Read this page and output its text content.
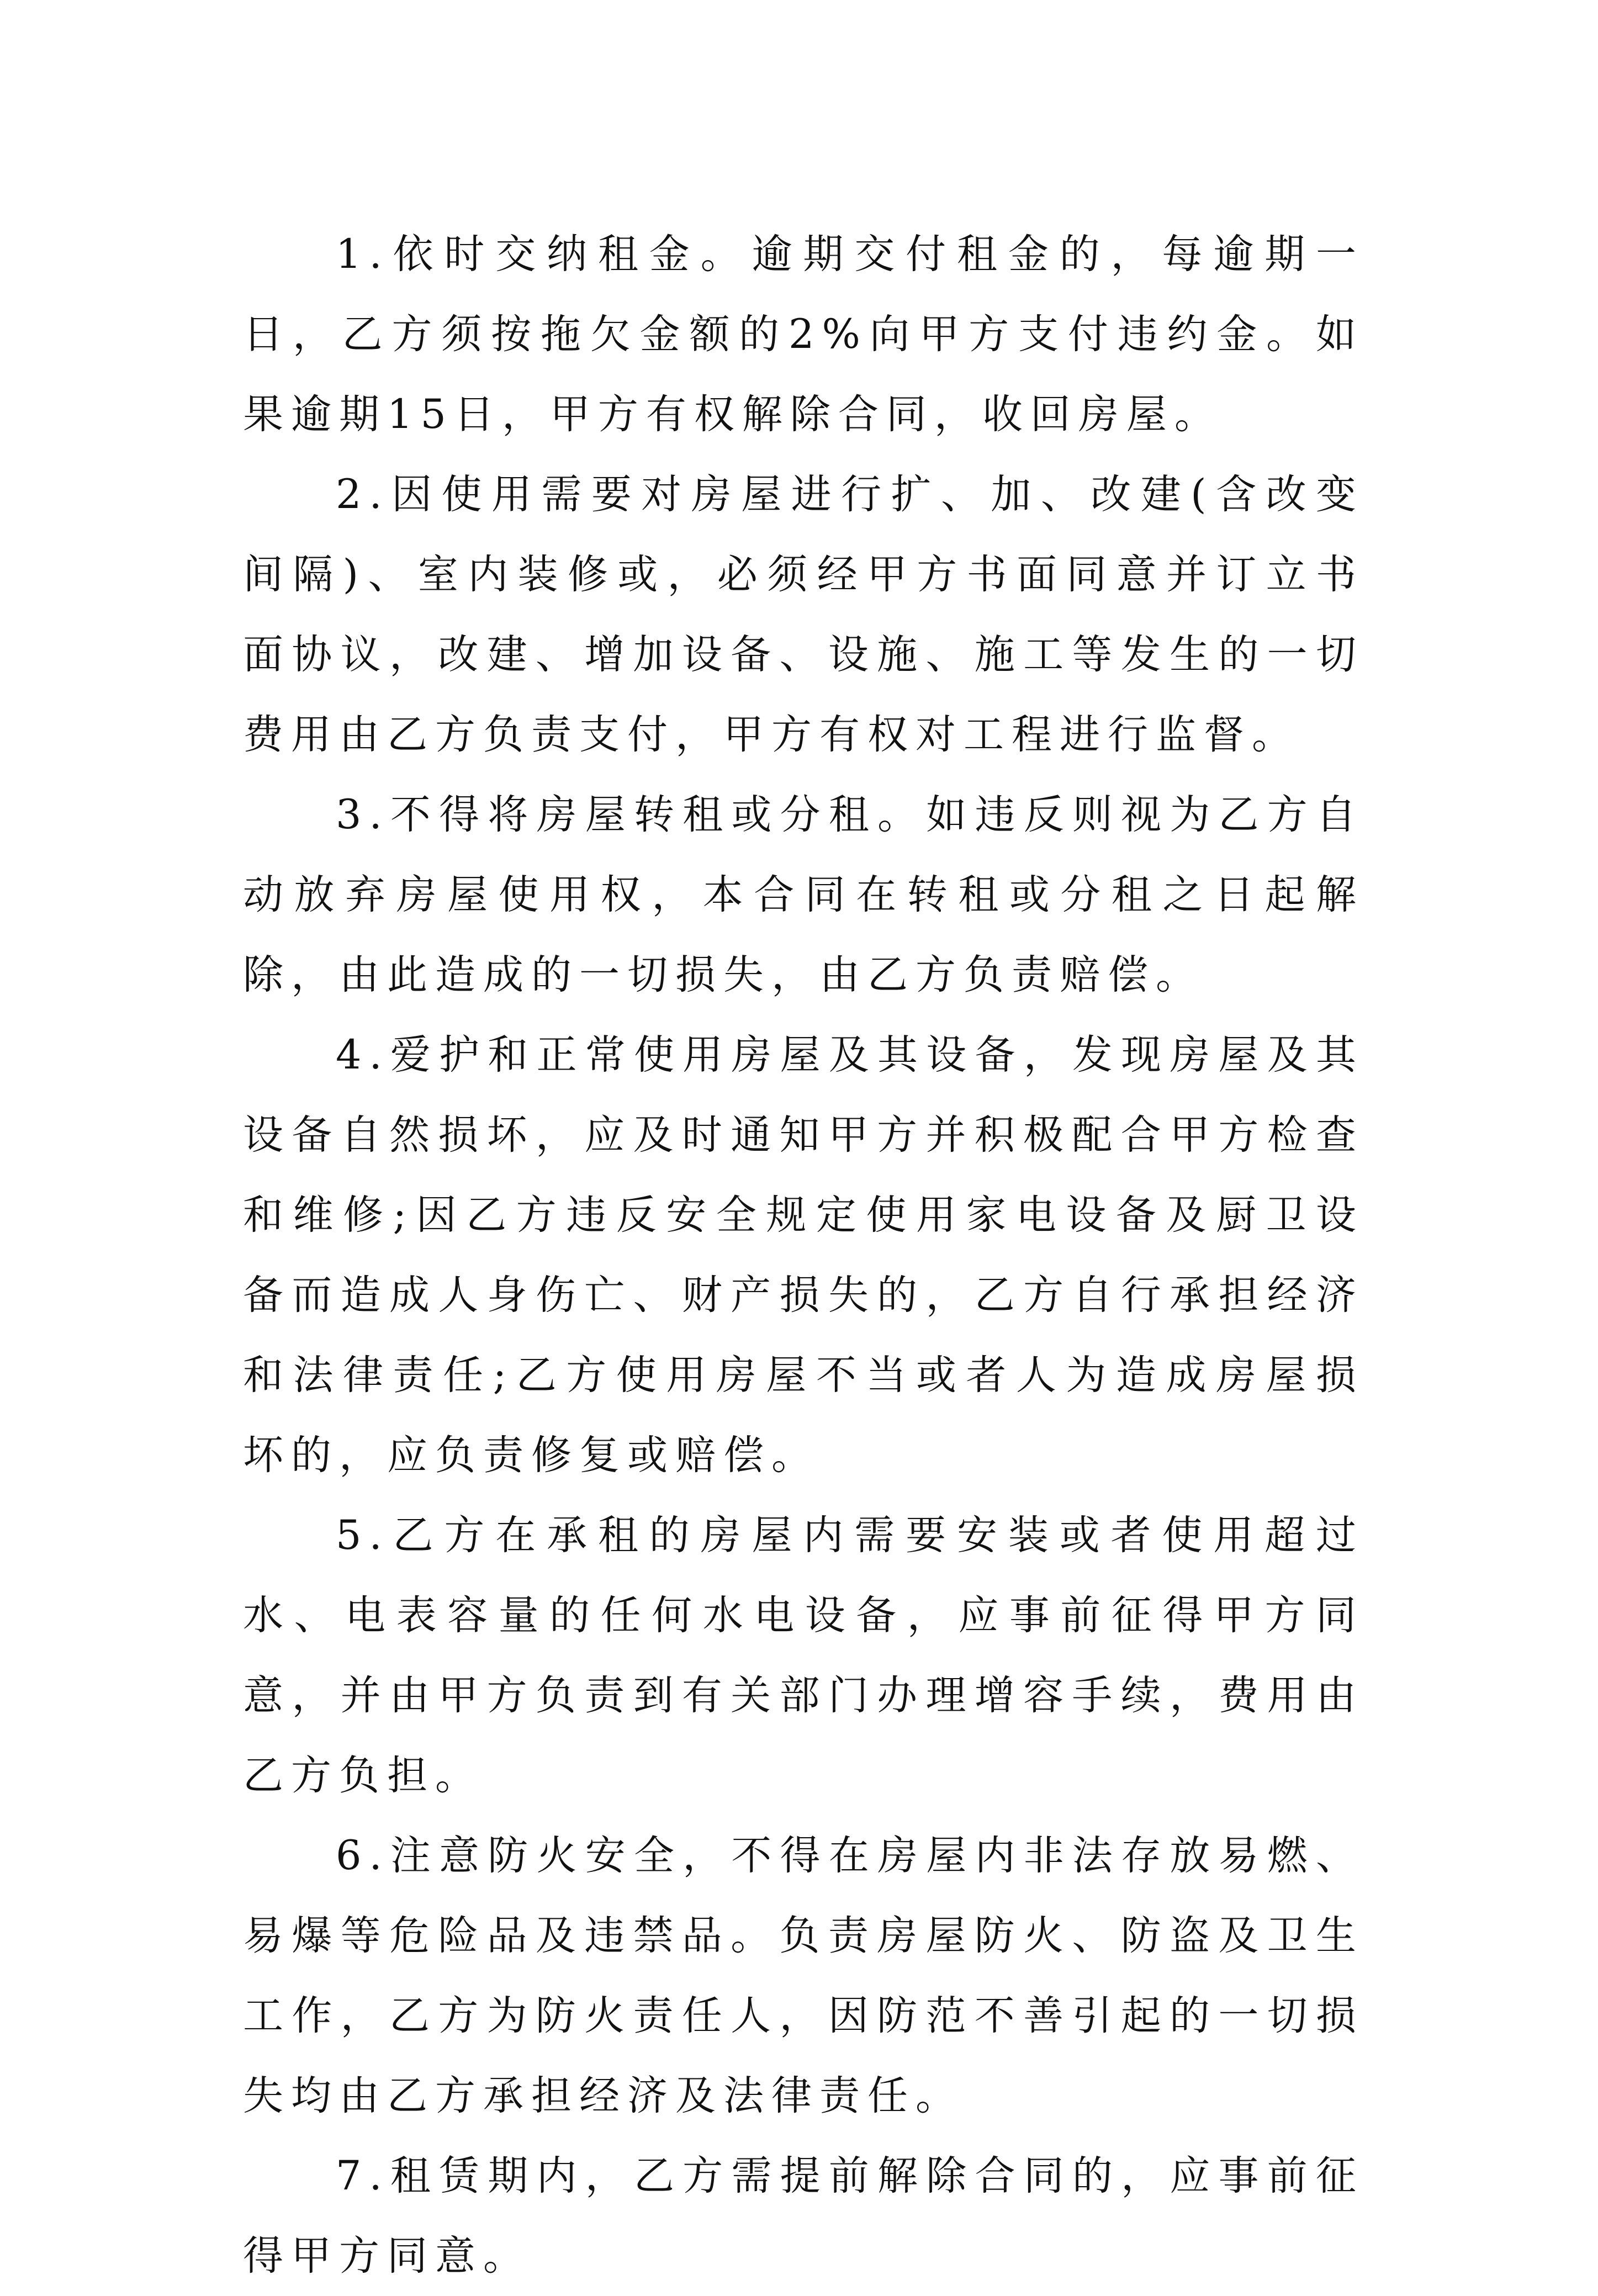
1.依时交纳租金。逾期交付租金的，每逾期一日，乙方须按拖欠金额的2%向甲方支付违约金。如果逾期15日，甲方有权解除合同，收回房屋。

2.因使用需要对房屋进行扩、加、改建(含改变间隔)、室内装修或，必须经甲方书面同意并订立书面协议，改建、增加设备、设施、施工等发生的一切费用由乙方负责支付，甲方有权对工程进行监督。

3.不得将房屋转租或分租。如违反则视为乙方自动放弃房屋使用权，本合同在转租或分租之日起解除，由此造成的一切损失，由乙方负责赔偿。

4.爱护和正常使用房屋及其设备，发现房屋及其设备自然损坏，应及时通知甲方并积极配合甲方检查和维修;因乙方违反安全规定使用家电设备及厨卫设备而造成人身伤亡、财产损失的，乙方自行承担经济和法律责任;乙方使用房屋不当或者人为造成房屋损坏的，应负责修复或赔偿。

5.乙方在承租的房屋内需要安装或者使用超过水、电表容量的任何水电设备，应事前征得甲方同意，并由甲方负责到有关部门办理增容手续，费用由乙方负担。

6.注意防火安全，不得在房屋内非法存放易燃、易爆等危险品及违禁品。负责房屋防火、防盗及卫生工作，乙方为防火责任人，因防范不善引起的一切损失均由乙方承担经济及法律责任。

7.租赁期内，乙方需提前解除合同的，应事前征得甲方同意。
